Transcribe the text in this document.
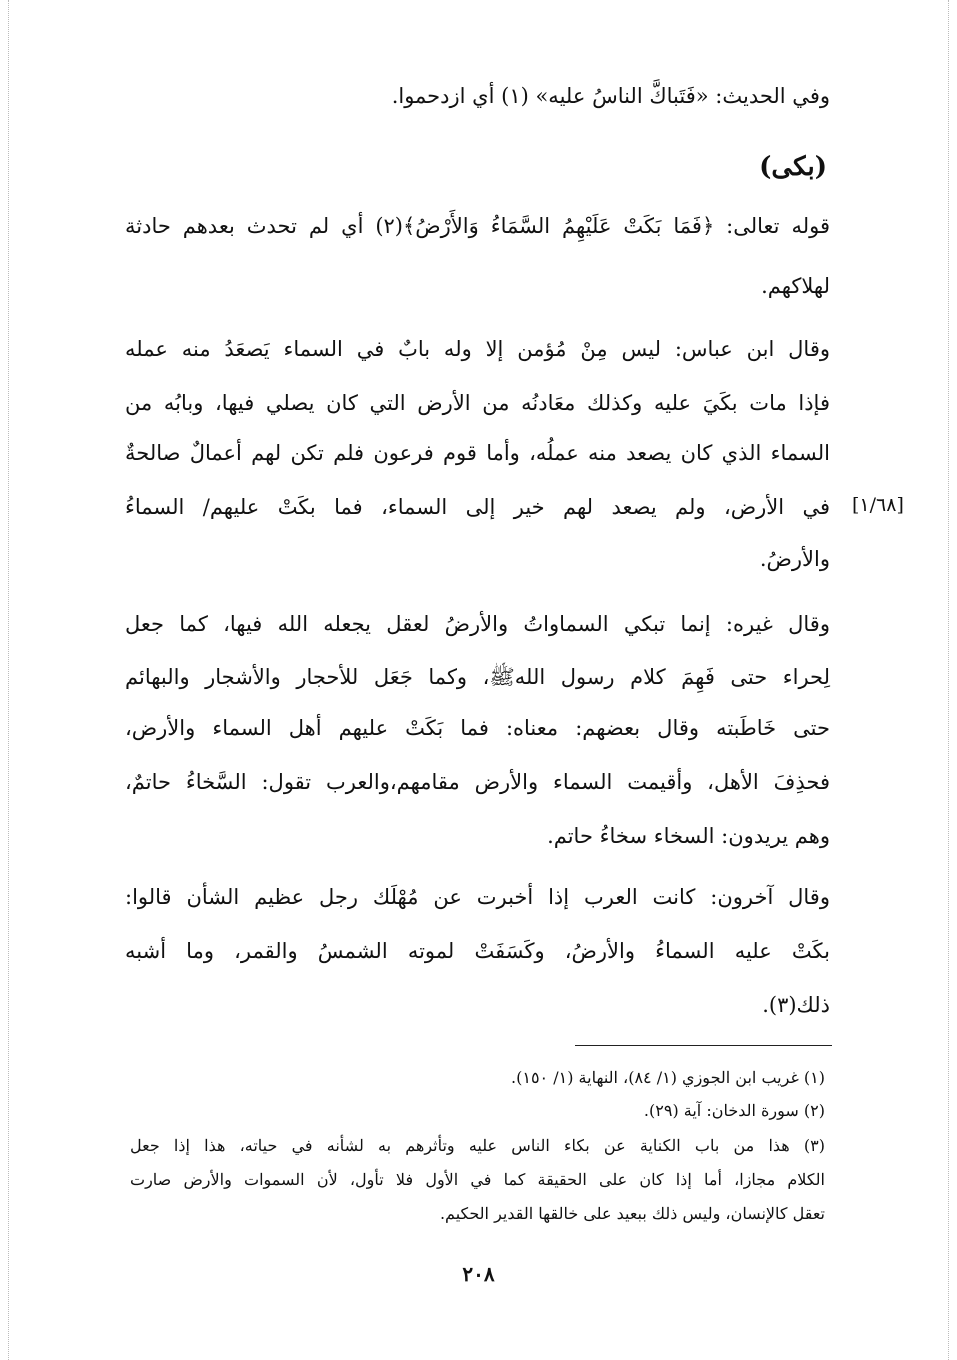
وفي الحديث: «فَتَباكَّ الناسُ عليه» (١) أي ازدحموا.
(بكى)
قوله تعالى: ﴿فَمَا بَكَتْ عَلَيْهِمُ السَّمَاءُ وَالأَرْضُ﴾(٢) أي لم تحدث بعدهم حادثة
لهلاكهم.
وقال ابن عباس: ليس مِنْ مُؤمن إلا وله بابٌ في السماء يَصعَدُ منه عمله
فإذا مات بكَيَ عليه وكذلك معَادنُه من الأرض التي كان يصلي فيها، وبابُه من
السماء الذي كان يصعد منه عملُه، وأما قوم فرعون فلم تكن لهم أعمالٌ صالحةٌ
في الأرض، ولم يصعد لهم خير إلى السماء، فما بكَتْ عليهم/ السماءُ
والأرضُ.
[١/٦٨]
وقال غيره: إنما تبكي السماواتُ والأرضُ لعقل يجعله الله فيها، كما جعل
لِحراء حتى فَهِمَ كلام رسول اللهﷺ، وكما جَعَل للأحجار والأشجار والبهائم
حتى خَاطَبته وقال بعضهم: معناه: فما بَكَتْ عليهم أهل السماء والأرض،
فحذِفَ الأهل، وأقيمت السماء والأرض مقامهم،والعرب تقول: السَّخاءُ حاتمٌ،
وهم يريدون: السخاء سخاءُ حاتم.
وقال آخرون: كانت العرب إذا أخبرت عن مُهْلَك رجل عظيم الشأن قالوا:
بكَتْ عليه السماءُ والأرضُ، وكَسَفَتْ لموته الشمسُ والقمر، وما أشبه
ذلك(٣).
(١) غريب ابن الجوزي (١/ ٨٤)، النهاية (١/ ١٥٠).
(٢) سورة الدخان: آية (٢٩).
(٣) هذا من باب الكناية عن بكاء الناس عليه وتأثرهم به لشأنه في حياته، هذا إذا جعل
الكلام مجازا، أما إذا كان على الحقيقة كما في الأول فلا تأول، لأن السموات والأرض صارت
تعقل كالإنسان، وليس ذلك ببعيد على خالقها القدير الحكيم.
٢٠٨
